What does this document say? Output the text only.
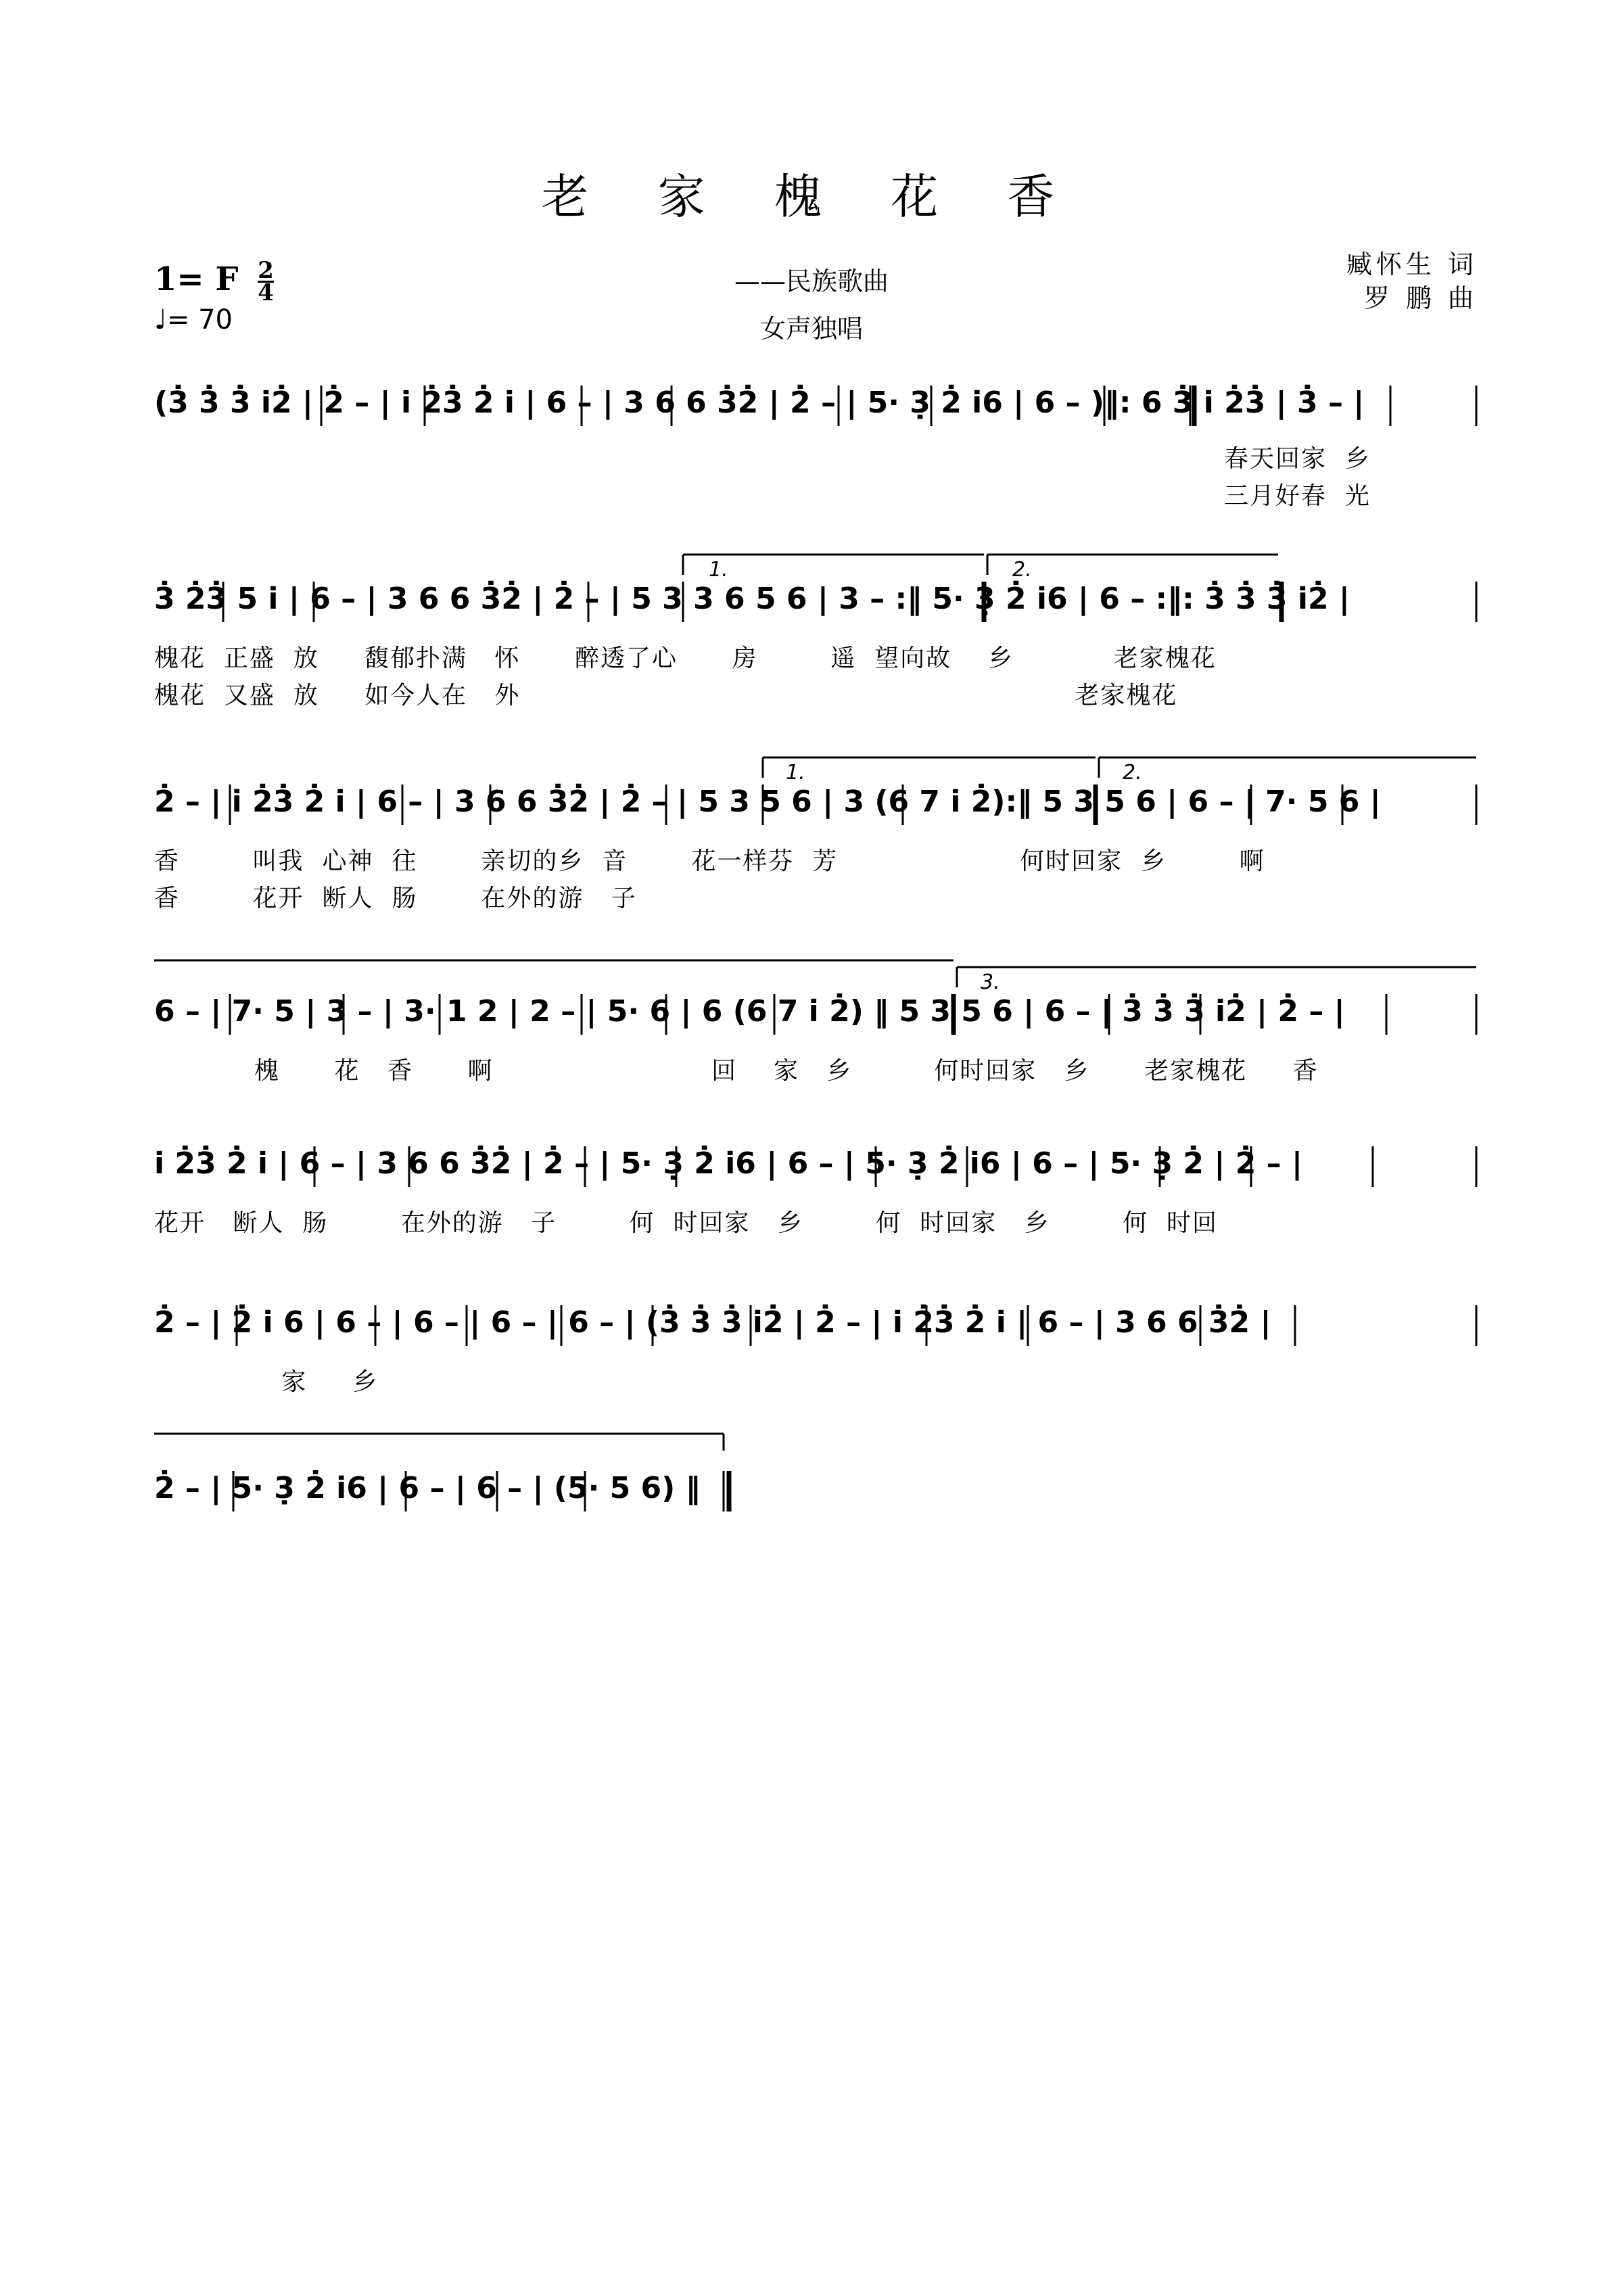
老 家 槐 花 香
1= F $\frac{2}{4}$
♩= 70
——民族歌曲
女声独唱
臧怀生 词
罗 鹏 曲
(3̇ 3̇ 3̇ i̇2̇ | 2̇ – | i̇ 2̇3̇ 2̇ i̇ | 6 – | 3 6 6 3̇2̇ | 2̇ – | 5· 3̣ 2̇ i̇6 | 6 – )‖: 6 3̇ i̇ 2̇3̇ | 3̇ – |
春天回家  乡
三月好春  光
1.	2.
3̇ 2̇3̇ 5 i̇ | 6 – | 3 6 6 3̇2̇ | 2̇ – | 5 3 3 6 5 6 | 3 – :‖ 5· 3̣ 2̇ i̇6 | 6 – :‖: 3̇ 3̇ 3̇ i̇2̇ |
槐花  正盛  放     馥郁扑满   怀      醉透了心      房        遥  望向故    乡           老家槐花
槐花  又盛  放     如今人在   外                                                             老家槐花
1.	2.
2̇ – | i̇ 2̇3̇ 2̇ i̇ | 6 – | 3 6 6 3̇2̇ | 2̇ – | 5 3 5 6 | 3 (6 7 i̇ 2̇):‖ 5 3 5 6 | 6 – | 7· 5 6 |
香        叫我  心神  往       亲切的乡  音       花一样芬  芳                    何时回家  乡        啊
香        花开  断人  肠       在外的游   子
3.
6 – | 7· 5 | 3 – | 3· 1 2 | 2 – | 5· 6 | 6 (6 7 i̇ 2̇) ‖ 5 3 5 6 | 6 – | 3̇ 3̇ 3̇ i̇2̇ | 2̇ – |
槐      花   香      啊                        回    家   乡         何时回家   乡      老家槐花     香
i̇ 2̇3̇ 2̇ i̇ | 6 – | 3 6 6 3̇2̇ | 2̇ – | 5· 3̣ 2̇ i̇6 | 6 – | 5· 3̣ 2̇ i̇6 | 6 – | 5· 3̣ 2̇ | 2̇ – |
花开   断人  肠        在外的游   子        何  时回家   乡        何  时回家   乡        何  时回
2̇ – | 2̇ i̇ 6 | 6 – | 6 – | 6 – | 6 – | (3̇ 3̇ 3̇ i̇2̇ | 2̇ – | i̇ 2̇3̇ 2̇ i̇ | 6 – | 3 6 6 3̇2̇ |
家     乡
2̇ – | 5· 3̣ 2̇ i̇6 | 6 – | 6 – | (5· 5 6) ‖
